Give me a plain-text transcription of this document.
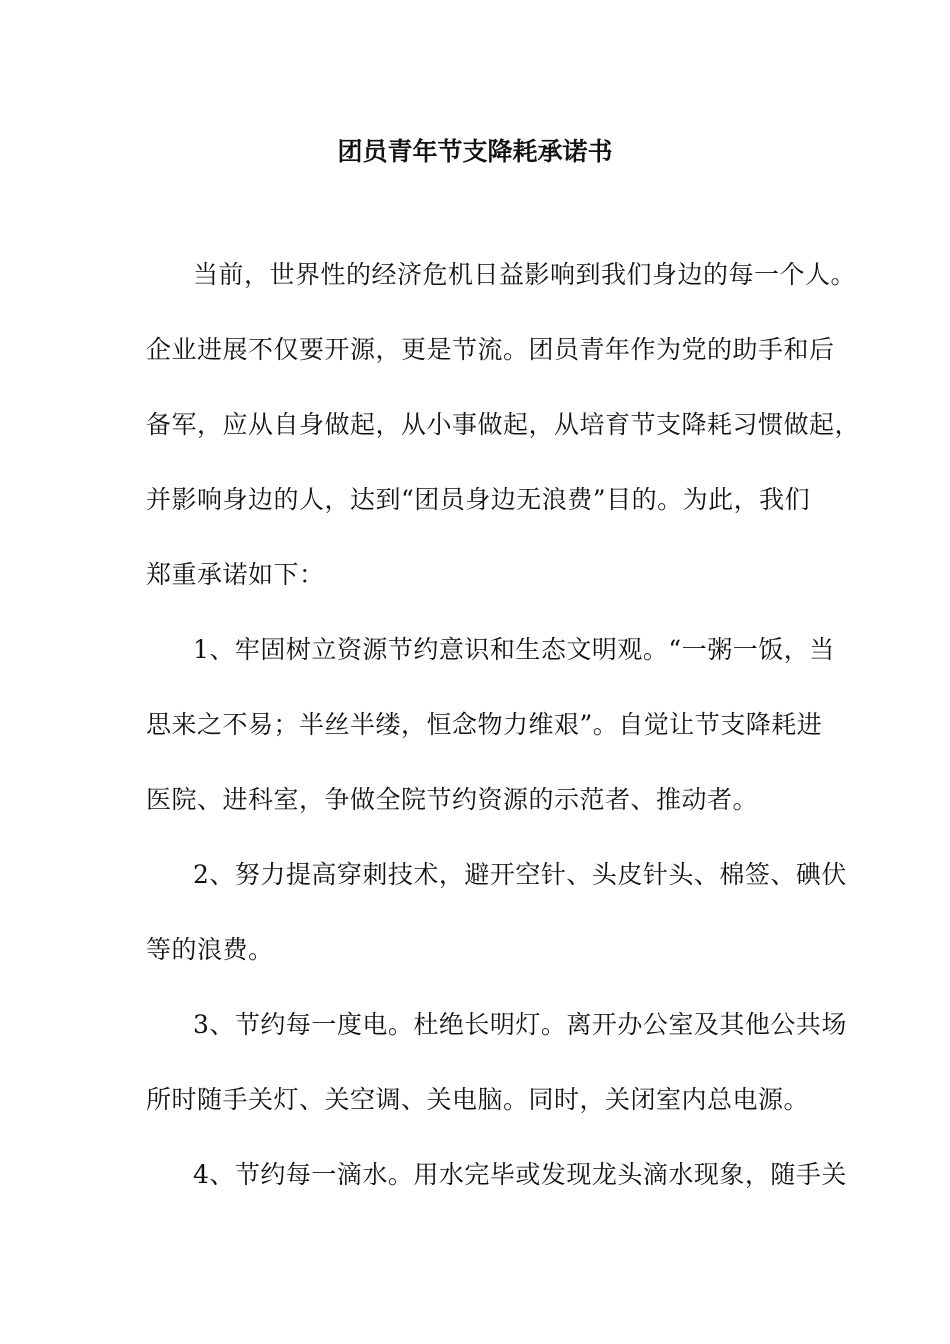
团员青年节支降耗承诺书
当前，世界性的经济危机日益影响到我们身边的每一个人。
企业进展不仅要开源，更是节流。团员青年作为党的助手和后
备军，应从自身做起，从小事做起，从培育节支降耗习惯做起，
并影响身边的人，达到“团员身边无浪费”目的。为此，我们
郑重承诺如下：
1、牢固树立资源节约意识和生态文明观。“一粥一饭，当
思来之不易；半丝半缕，恒念物力维艰”。自觉让节支降耗进
医院、进科室，争做全院节约资源的示范者、推动者。
2、努力提高穿刺技术，避开空针、头皮针头、棉签、碘伏
等的浪费。
3、节约每一度电。杜绝长明灯。离开办公室及其他公共场
所时随手关灯、关空调、关电脑。同时，关闭室内总电源。
4、节约每一滴水。用水完毕或发现龙头滴水现象，随手关
